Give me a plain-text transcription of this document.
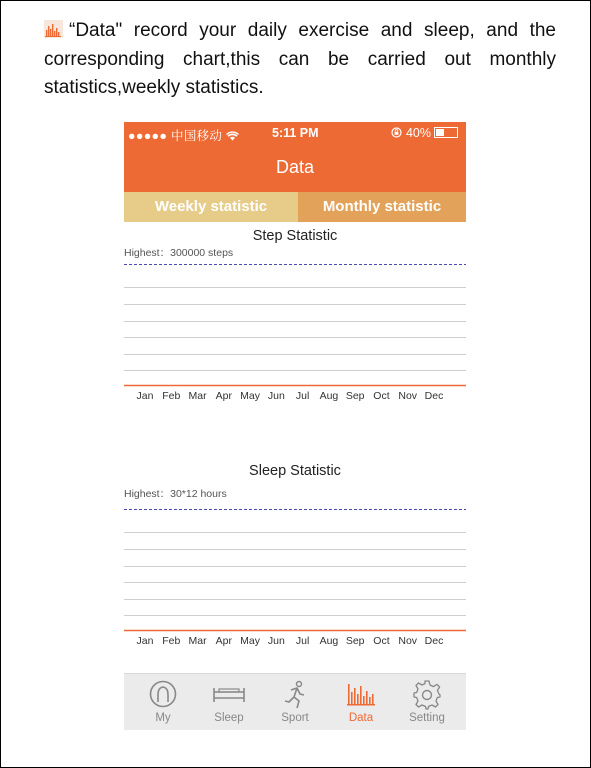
“Data" record your daily exercise and sleep, and the
corresponding chart,this can be carried out monthly
statistics,weekly statistics.
●●●●● 中国移动	5:11 PM	40%
Data
Weekly statistic	Monthly statistic
Step Statistic
Highest：300000 steps
Jan Feb Mar Apr May Jun Jul Aug Sep Oct Nov Dec
Sleep Statistic
Highest：30*12 hours
Jan Feb Mar Apr May Jun Jul Aug Sep Oct Nov Dec
My	Sleep	Sport	Data	Setting
